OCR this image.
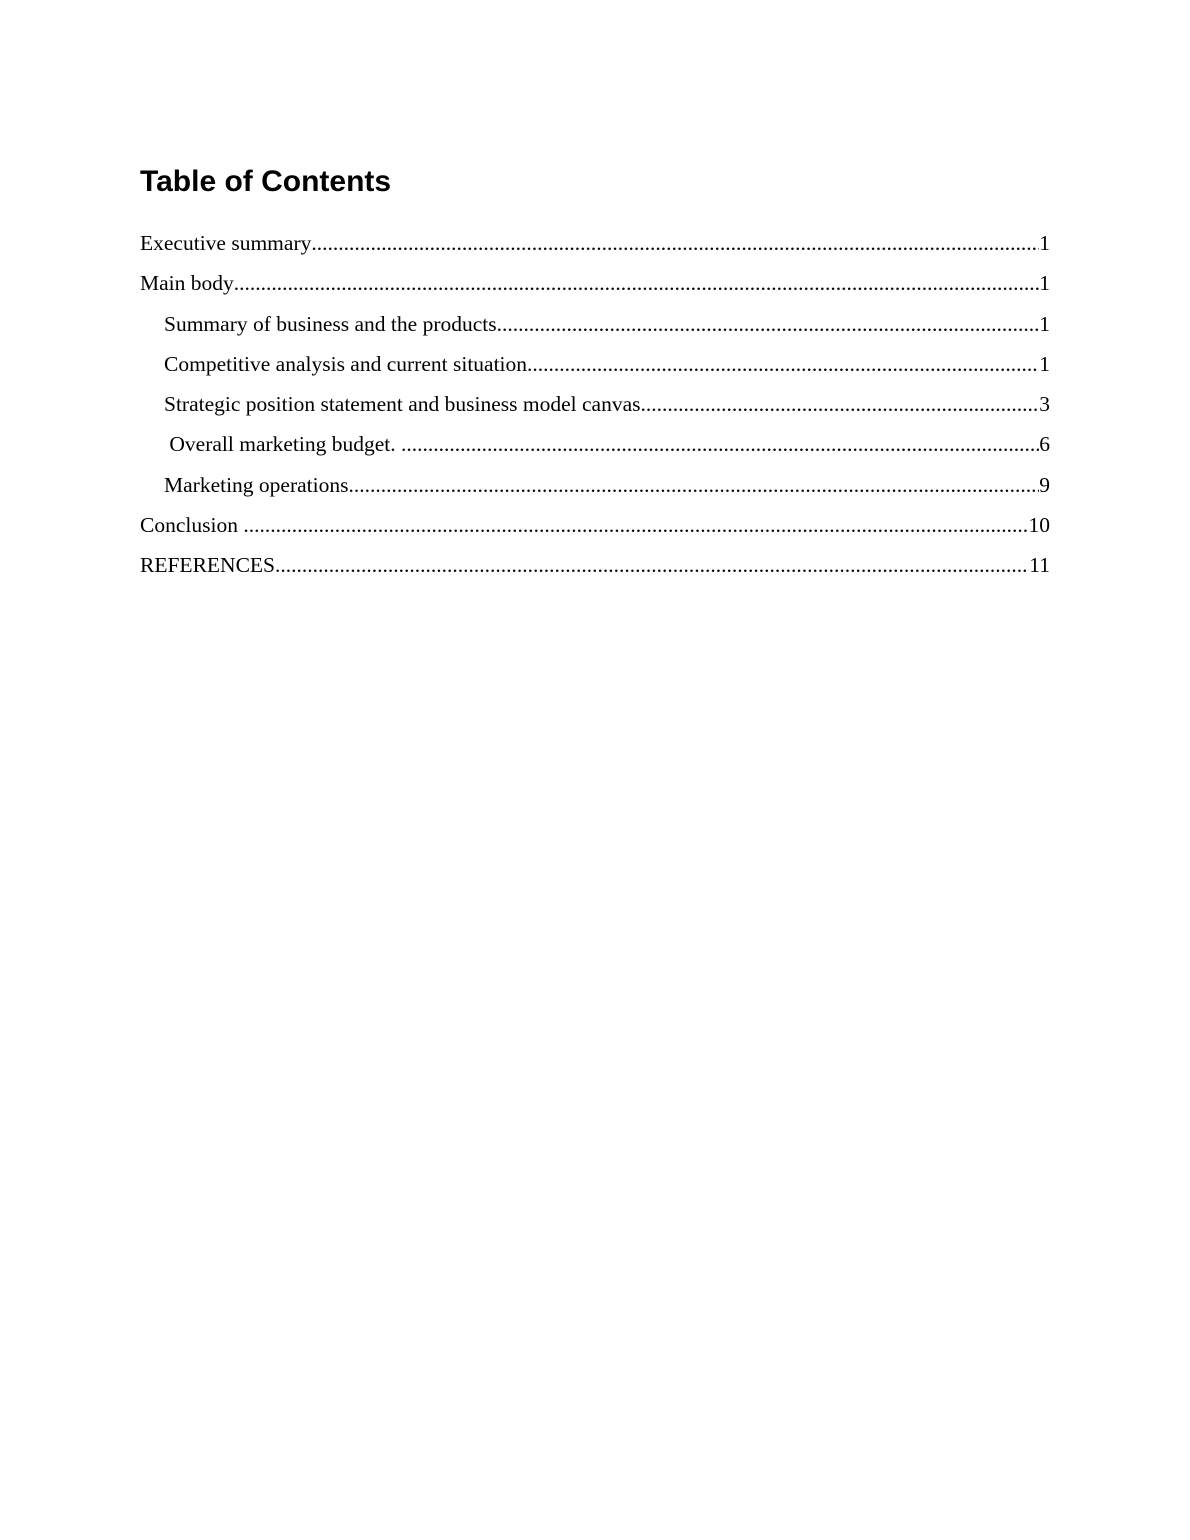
Table of Contents
Executive summary .....	1
Main body .....	1
Summary of business and the products .....	1
Competitive analysis and current situation .....	1
Strategic position statement and business model canvas .....	3
Overall marketing budget. .....	6
Marketing operations .....	9
Conclusion .....	10
REFERENCES .....	11
